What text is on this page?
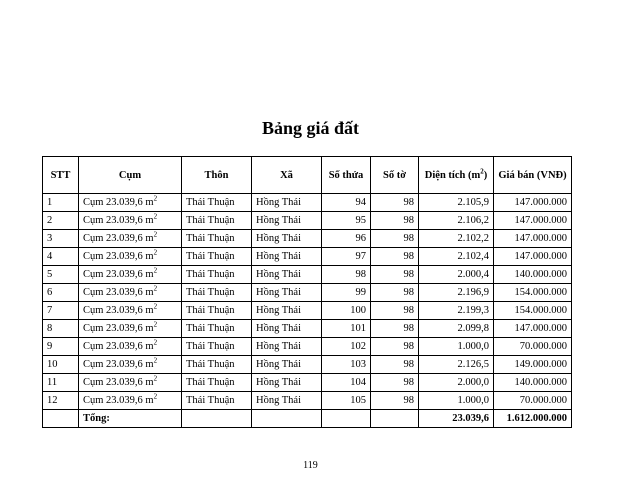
Bảng giá đất
STT	Cụm	Thôn	Xã	Số thửa	Số tờ	Diện tích $(m^2)$	Giá bán (VNĐ)
1	Cụm 23.039,6 $m^2$	Thái Thuận	Hồng Thái	94	98	2.105,9	147.000.000
2	Cụm 23.039,6 $m^2$	Thái Thuận	Hồng Thái	95	98	2.106,2	147.000.000
3	Cụm 23.039,6 $m^2$	Thái Thuận	Hồng Thái	96	98	2.102,2	147.000.000
4	Cụm 23.039,6 $m^2$	Thái Thuận	Hồng Thái	97	98	2.102,4	147.000.000
5	Cụm 23.039,6 $m^2$	Thái Thuận	Hồng Thái	98	98	2.000,4	140.000.000
6	Cụm 23.039,6 $m^2$	Thái Thuận	Hồng Thái	99	98	2.196,9	154.000.000
7	Cụm 23.039,6 $m^2$	Thái Thuận	Hồng Thái	100	98	2.199,3	154.000.000
8	Cụm 23.039,6 $m^2$	Thái Thuận	Hồng Thái	101	98	2.099,8	147.000.000
9	Cụm 23.039,6 $m^2$	Thái Thuận	Hồng Thái	102	98	1.000,0	70.000.000
10	Cụm 23.039,6 $m^2$	Thái Thuận	Hồng Thái	103	98	2.126,5	149.000.000
11	Cụm 23.039,6 $m^2$	Thái Thuận	Hồng Thái	104	98	2.000,0	140.000.000
12	Cụm 23.039,6 $m^2$	Thái Thuận	Hồng Thái	105	98	1.000,0	70.000.000
	Tổng:					23.039,6	1.612.000.000
119
